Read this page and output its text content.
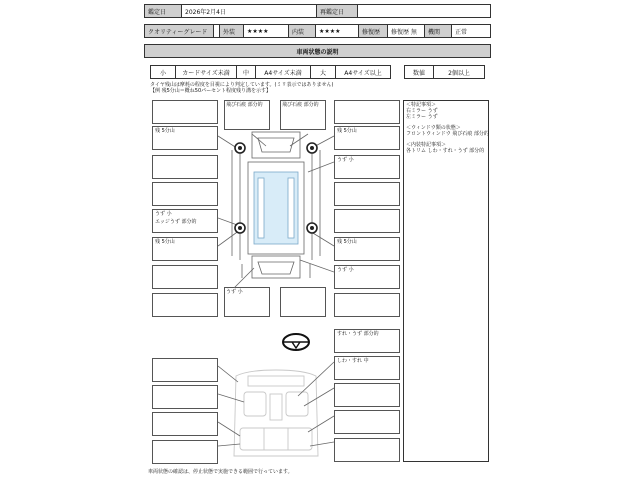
鑑定日	2026年2月4日	再鑑定日
クオリティーグレード	外装	★★★★	内装	★★★★	修復歴	修復歴 無	機関	正常
車両状態の説明
小	カードサイズ未満	中	A4サイズ未満	大	A4サイズ以上	数値	2個以上
タイヤ残山は摩耗の程度を目視により判定しています。(ミリ表示ではありません)
【例 残5分山＝概ね50パーセント程度残り溝を示す】
＜特記事項＞
右ミラー うず
左ミラー うず
＜ウィンドウ類の状態＞
フロントウィンドウ 飛び石痕 部分的
＜内装特記事項＞
各トリム しわ・すれ・うず 部分的
飛び石痕 部分的	飛び石痕 部分的
残 5分山	残 5分山
うず 小
うず 小
エッジうず 部分的
残 5分山	残 5分山
うず 小
うず 小
すれ・うず 部分的
しわ・すれ 中
車両状態の確認は、停止状態で実施できる範囲で行っています。
